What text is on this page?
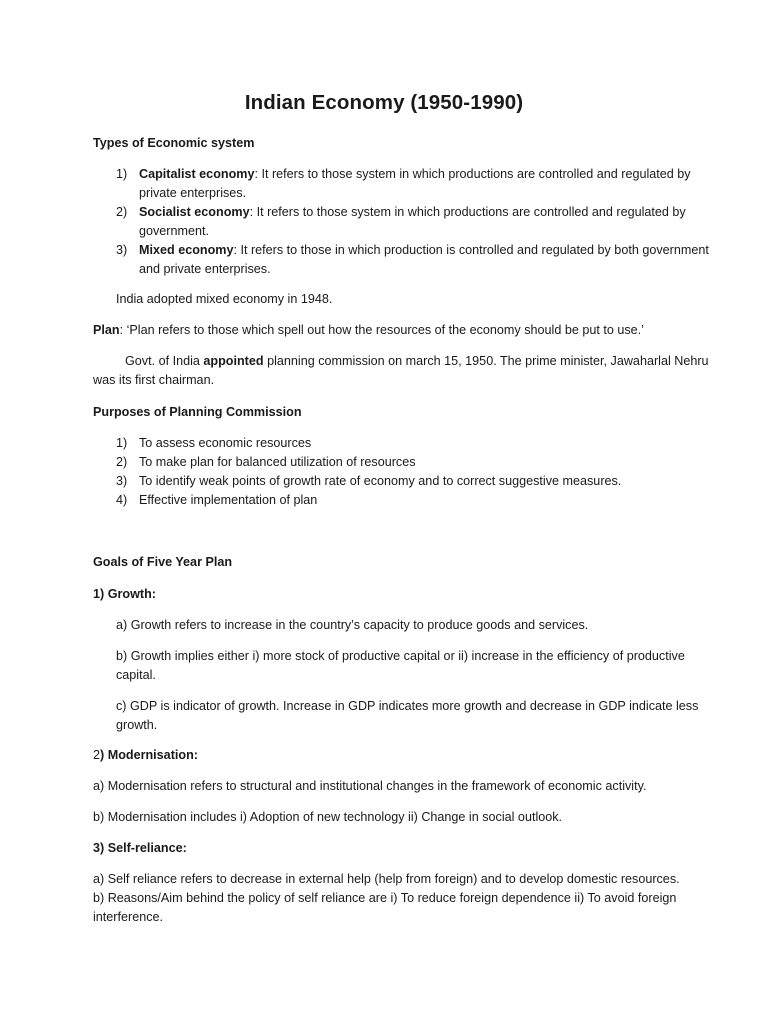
Indian Economy (1950-1990)
Types of Economic system
1) Capitalist economy: It refers to those system in which productions are controlled and regulated by private enterprises.
2) Socialist economy: It refers to those system in which productions are controlled and regulated by government.
3) Mixed economy: It refers to those in which production is controlled and regulated by both government and private enterprises.
India adopted mixed economy in 1948.
Plan: ‘Plan refers to those which spell out how the resources of the economy should be put to use.’
Govt. of India appointed planning commission on march 15, 1950. The prime minister, Jawaharlal Nehru was its first chairman.
Purposes of Planning Commission
1) To assess economic resources
2) To make plan for balanced utilization of resources
3) To identify weak points of growth rate of economy and to correct suggestive measures.
4) Effective implementation of plan
Goals of Five Year Plan
1) Growth:
a) Growth refers to increase in the country’s capacity to produce goods and services.
b) Growth implies either i) more stock of productive capital or ii) increase in the efficiency of productive capital.
c) GDP is indicator of growth. Increase in GDP indicates more growth and decrease in GDP indicate less growth.
2) Modernisation:
a) Modernisation refers to structural and institutional changes in the framework of economic activity.
b) Modernisation includes i) Adoption of new technology ii) Change in social outlook.
3) Self-reliance:
a) Self reliance refers to decrease in external help (help from foreign) and to develop domestic resources.
b) Reasons/Aim behind the policy of self reliance are i) To reduce foreign dependence ii) To avoid foreign interference.
